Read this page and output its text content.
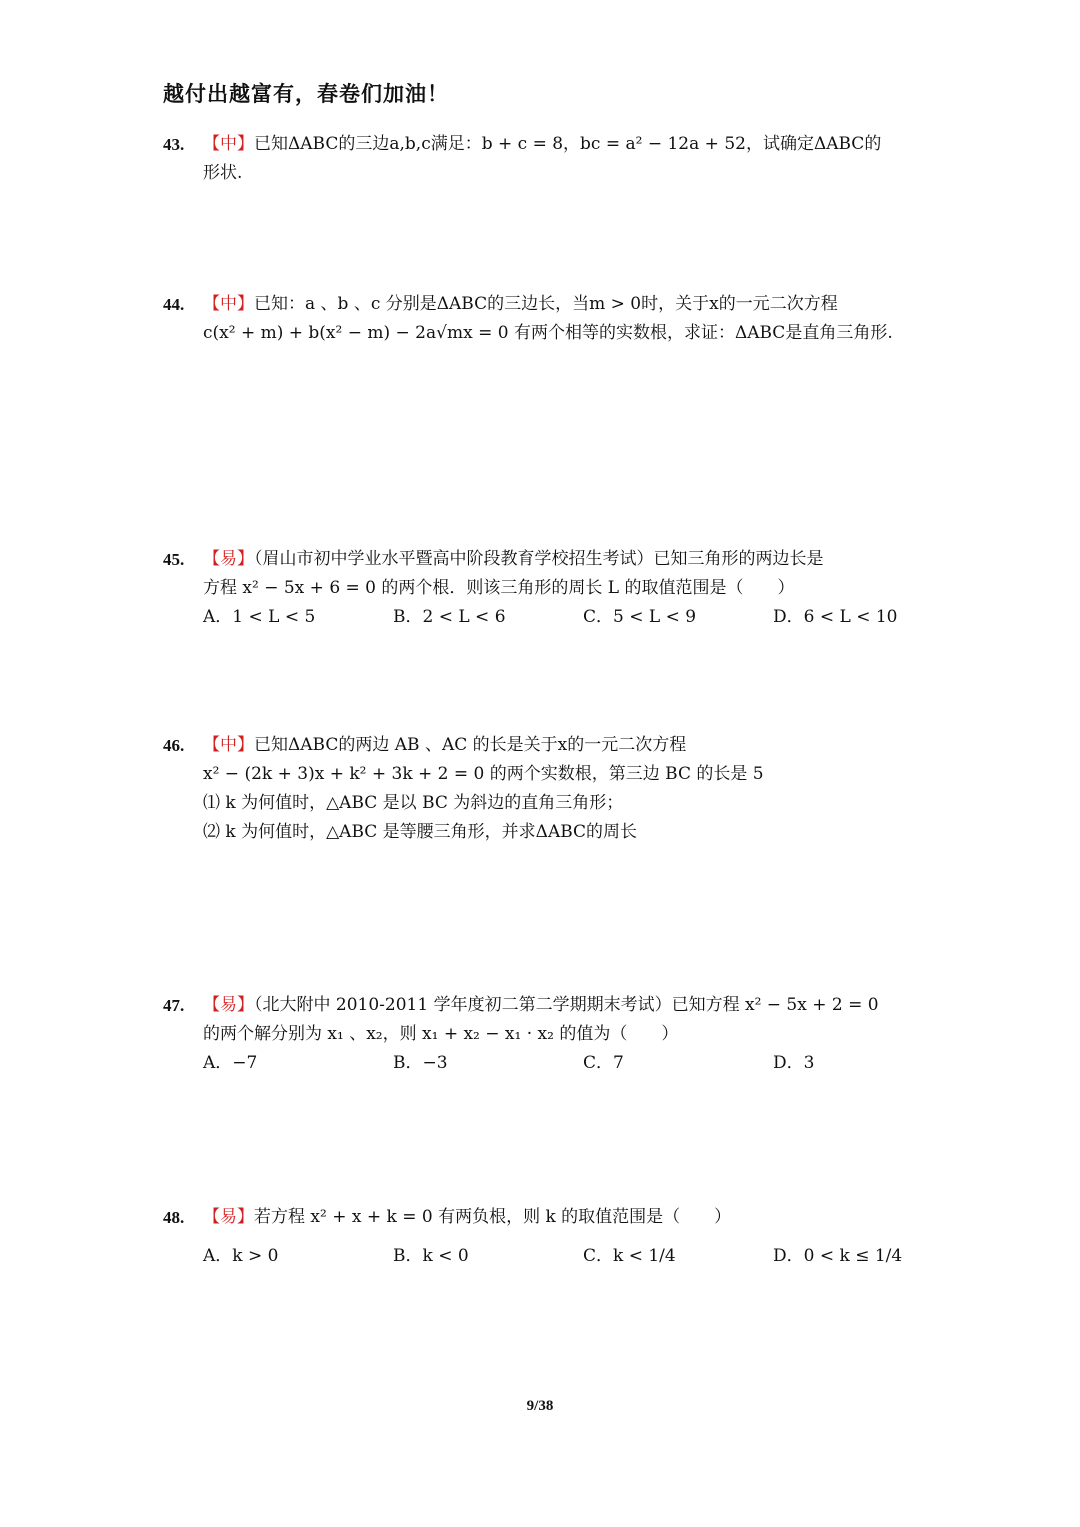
越付出越富有，春卷们加油！
43.	【中】已知ΔABC的三边a,b,c满足：b + c = 8，bc = a² − 12a + 52，试确定ΔABC的
形状.
44.	【中】已知：a 、b 、c 分别是ΔABC的三边长，当m > 0时，关于x的一元二次方程
c(x² + m) + b(x² − m) − 2a√mx = 0 有两个相等的实数根，求证：ΔABC是直角三角形.
45.	【易】（眉山市初中学业水平暨高中阶段教育学校招生考试）已知三角形的两边长是
方程 x² − 5x + 6 = 0 的两个根．则该三角形的周长 L 的取值范围是（　　）
A．1 < L < 5	B．2 < L < 6	C．5 < L < 9	D．6 < L < 10
46.	【中】已知ΔABC的两边 AB 、AC 的长是关于x的一元二次方程
x² − (2k + 3)x + k² + 3k + 2 = 0 的两个实数根，第三边 BC 的长是 5
⑴ k 为何值时，△ABC 是以 BC 为斜边的直角三角形；
⑵ k 为何值时，△ABC 是等腰三角形，并求ΔABC的周长
47.	【易】（北大附中 2010-2011 学年度初二第二学期期末考试）已知方程 x² − 5x + 2 = 0
的两个解分别为 x₁ 、x₂，则 x₁ + x₂ − x₁ · x₂ 的值为（　　）
A．−7	B．−3	C．7	D．3
48.	【易】若方程 x² + x + k = 0 有两负根，则 k 的取值范围是（　　）
A．k > 0	B．k < 0	C．k < 1/4	D．0 < k ≤ 1/4
9/38
